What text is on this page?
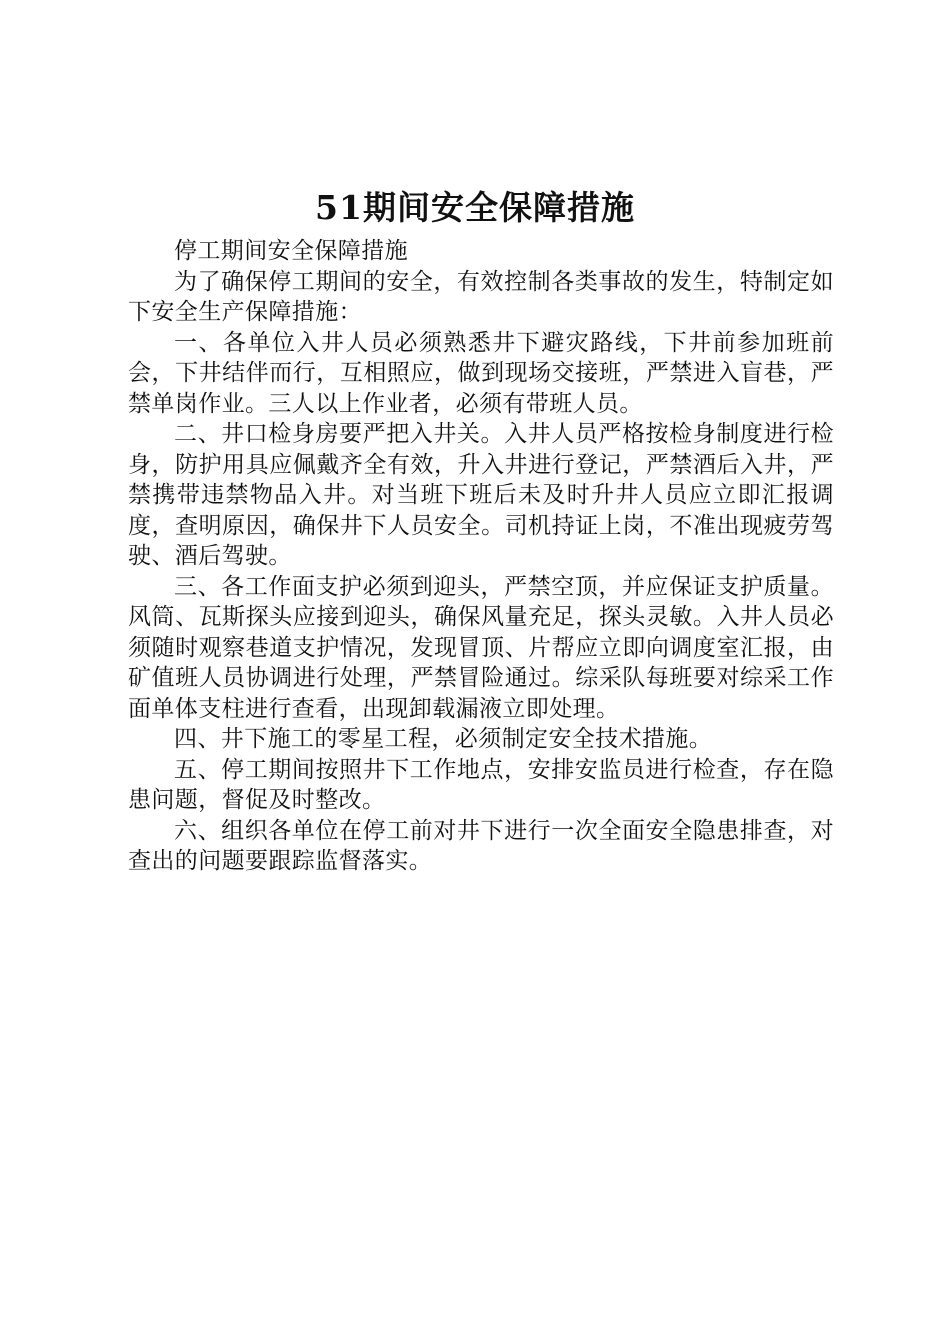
51期间安全保障措施

停工期间安全保障措施

为了确保停工期间的安全，有效控制各类事故的发生，特制定如下安全生产保障措施：

一、各单位入井人员必须熟悉井下避灾路线，下井前参加班前会，下井结伴而行，互相照应，做到现场交接班，严禁进入盲巷，严禁单岗作业。三人以上作业者，必须有带班人员。

二、井口检身房要严把入井关。入井人员严格按检身制度进行检身，防护用具应佩戴齐全有效，升入井进行登记，严禁酒后入井，严禁携带违禁物品入井。对当班下班后未及时升井人员应立即汇报调度，查明原因，确保井下人员安全。司机持证上岗，不准出现疲劳驾驶、酒后驾驶。

三、各工作面支护必须到迎头，严禁空顶，并应保证支护质量。风筒、瓦斯探头应接到迎头，确保风量充足，探头灵敏。入井人员必须随时观察巷道支护情况，发现冒顶、片帮应立即向调度室汇报，由矿值班人员协调进行处理，严禁冒险通过。综采队每班要对综采工作面单体支柱进行查看，出现卸载漏液立即处理。

四、井下施工的零星工程，必须制定安全技术措施。

五、停工期间按照井下工作地点，安排安监员进行检查，存在隐患问题，督促及时整改。

六、组织各单位在停工前对井下进行一次全面安全隐患排查，对查出的问题要跟踪监督落实。
